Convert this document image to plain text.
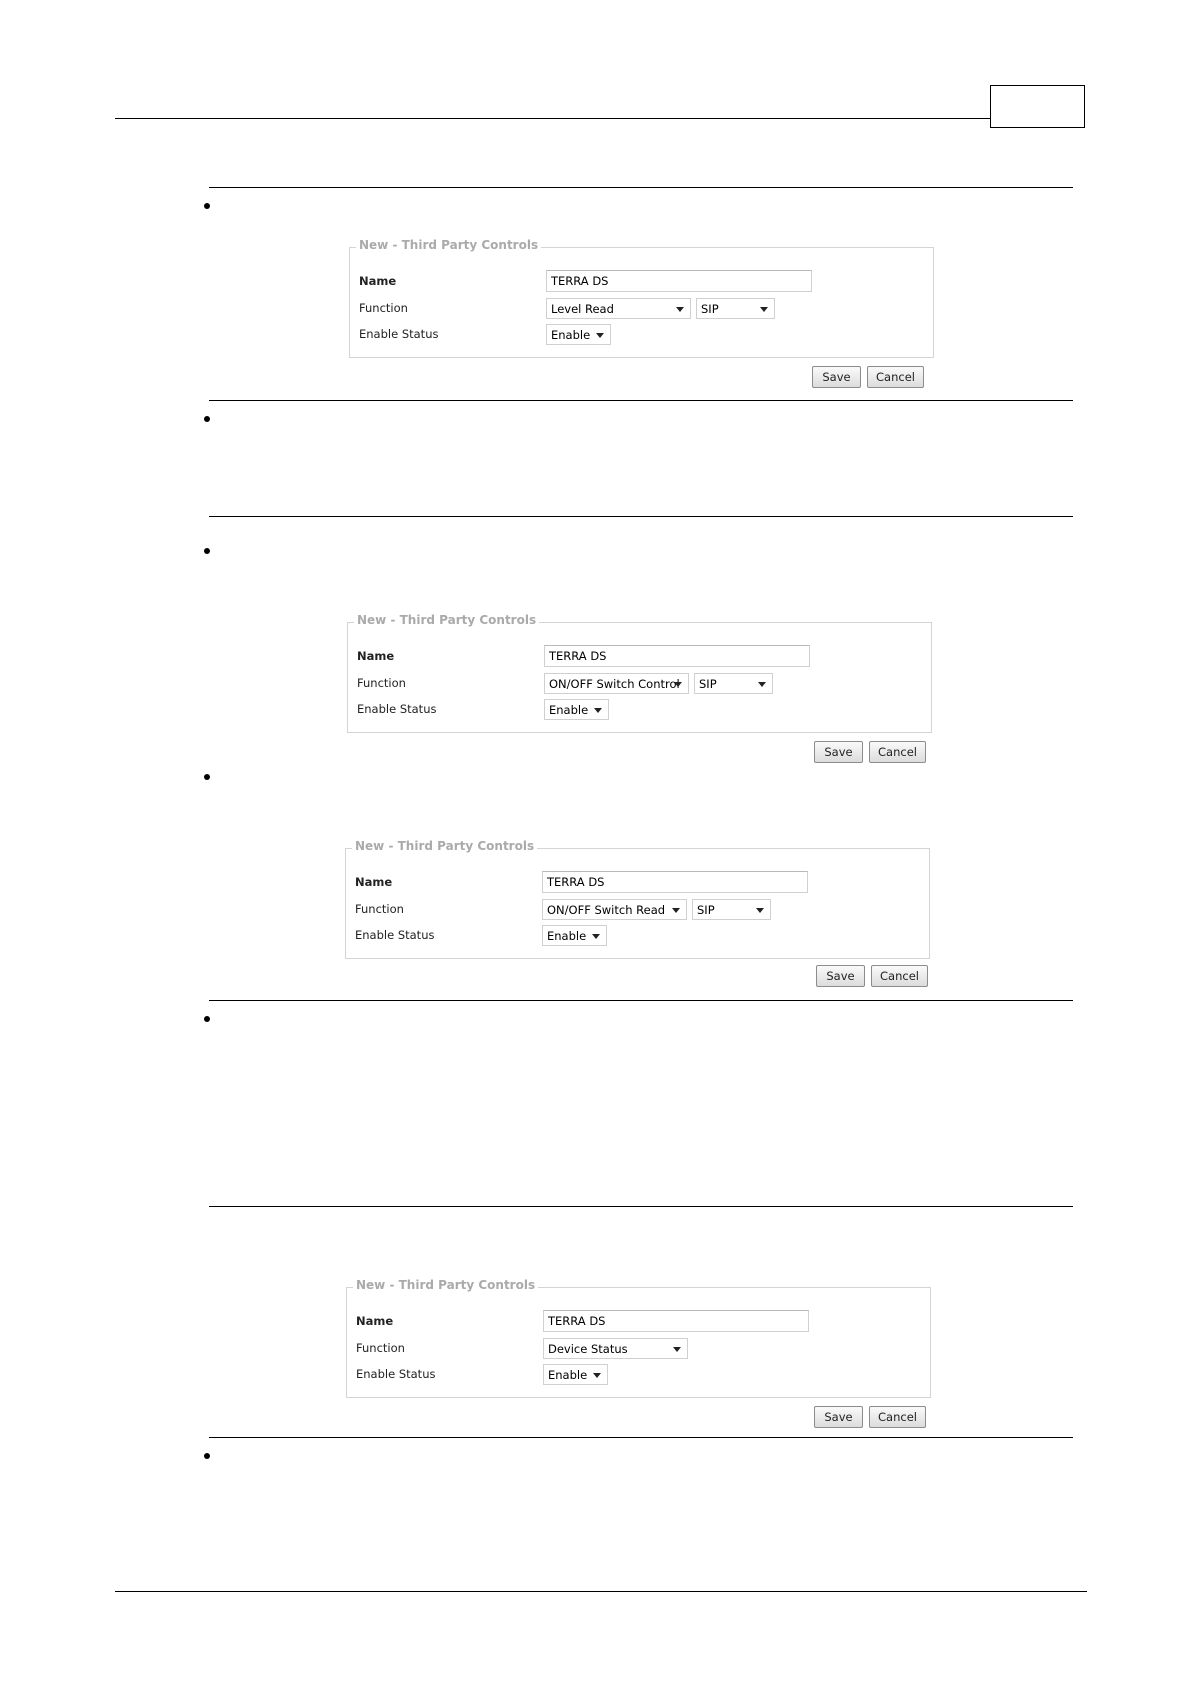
New - Third Party Controls
Name	TERRA DS
Function	Level Read	SIP
Enable Status	Enable
Save	Cancel
New - Third Party Controls
Name	TERRA DS
Function	ON/OFF Switch Control	SIP
Enable Status	Enable
Save	Cancel
New - Third Party Controls
Name	TERRA DS
Function	ON/OFF Switch Read	SIP
Enable Status	Enable
Save	Cancel
New - Third Party Controls
Name	TERRA DS
Function	Device Status
Enable Status	Enable
Save	Cancel
